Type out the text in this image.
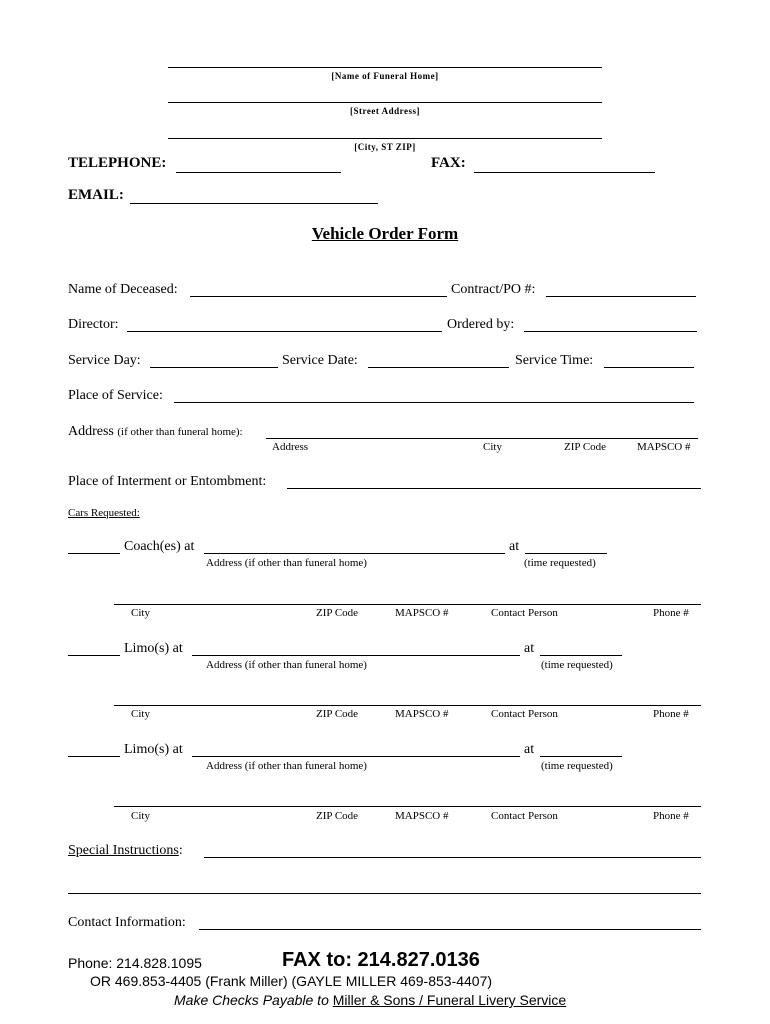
[Name of Funeral Home]
[Street Address]
[City, ST ZIP]
TELEPHONE:	FAX:
EMAIL:
Vehicle Order Form
Name of Deceased:	Contract/PO #:
Director:	Ordered by:
Service Day:	Service Date:	Service Time:
Place of Service:
Address (if other than funeral home):
Address	City	ZIP Code	MAPSCO #
Place of Interment or Entombment:
Cars Requested:
Coach(es) at	at
Address (if other than funeral home)	(time requested)
City	ZIP Code	MAPSCO #	Contact Person	Phone #
Limo(s) at	at
Address (if other than funeral home)	(time requested)
City	ZIP Code	MAPSCO #	Contact Person	Phone #
Limo(s) at	at
Address (if other than funeral home)	(time requested)
City	ZIP Code	MAPSCO #	Contact Person	Phone #
Special Instructions:
Contact Information:
Phone: 214.828.1095	FAX to: 214.827.0136
OR 469.853-4405 (Frank Miller) (GAYLE MILLER 469-853-4407)
Make Checks Payable to Miller & Sons / Funeral Livery Service
